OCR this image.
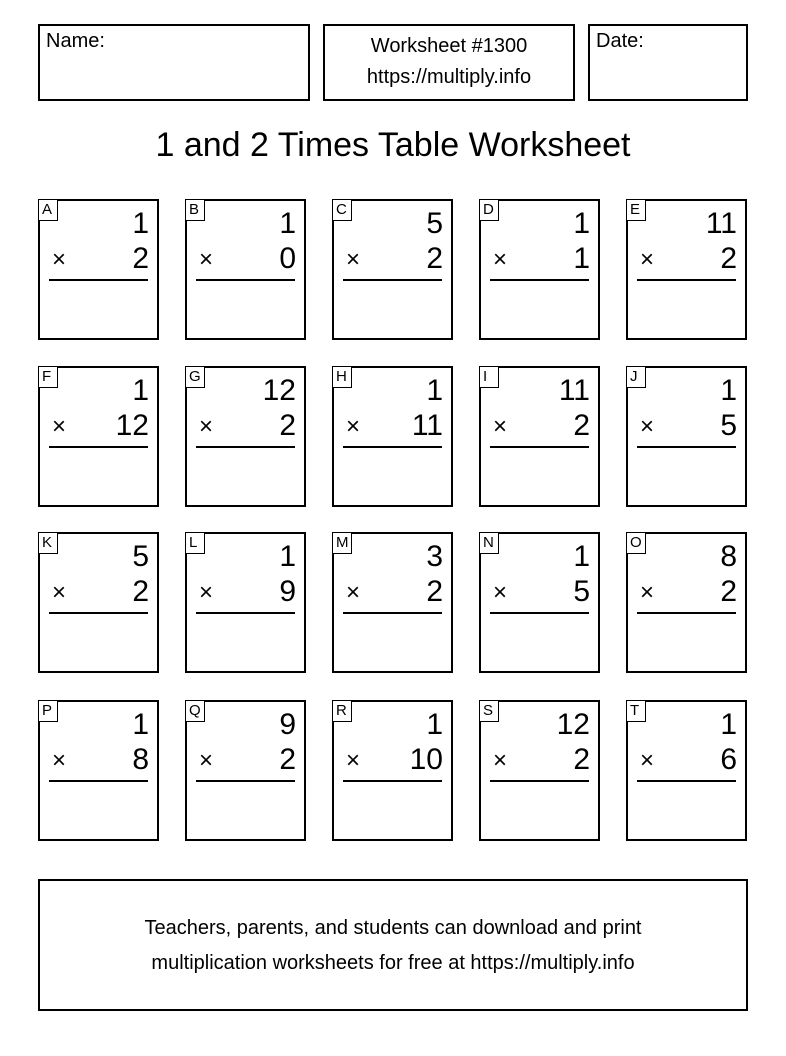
Name:	Worksheet #1300
https://multiply.info
Date:
1 and 2 Times Table Worksheet
A	1
× 2
B	1
× 0
C	5
× 2
D	1
× 1
E 11
× 2
F	1
× 12
G 12
× 2
H	1
× 11
I	11
× 2
J	1
× 5
K	5
× 2
L	1
× 9
M	3
× 2
N	1
× 5
O	8
× 2
P	1
× 8
Q	9
× 2
R	1
× 10
S 12
× 2
T	1
× 6
Teachers, parents, and students can download and print
multiplication worksheets for free at https://multiply.info
